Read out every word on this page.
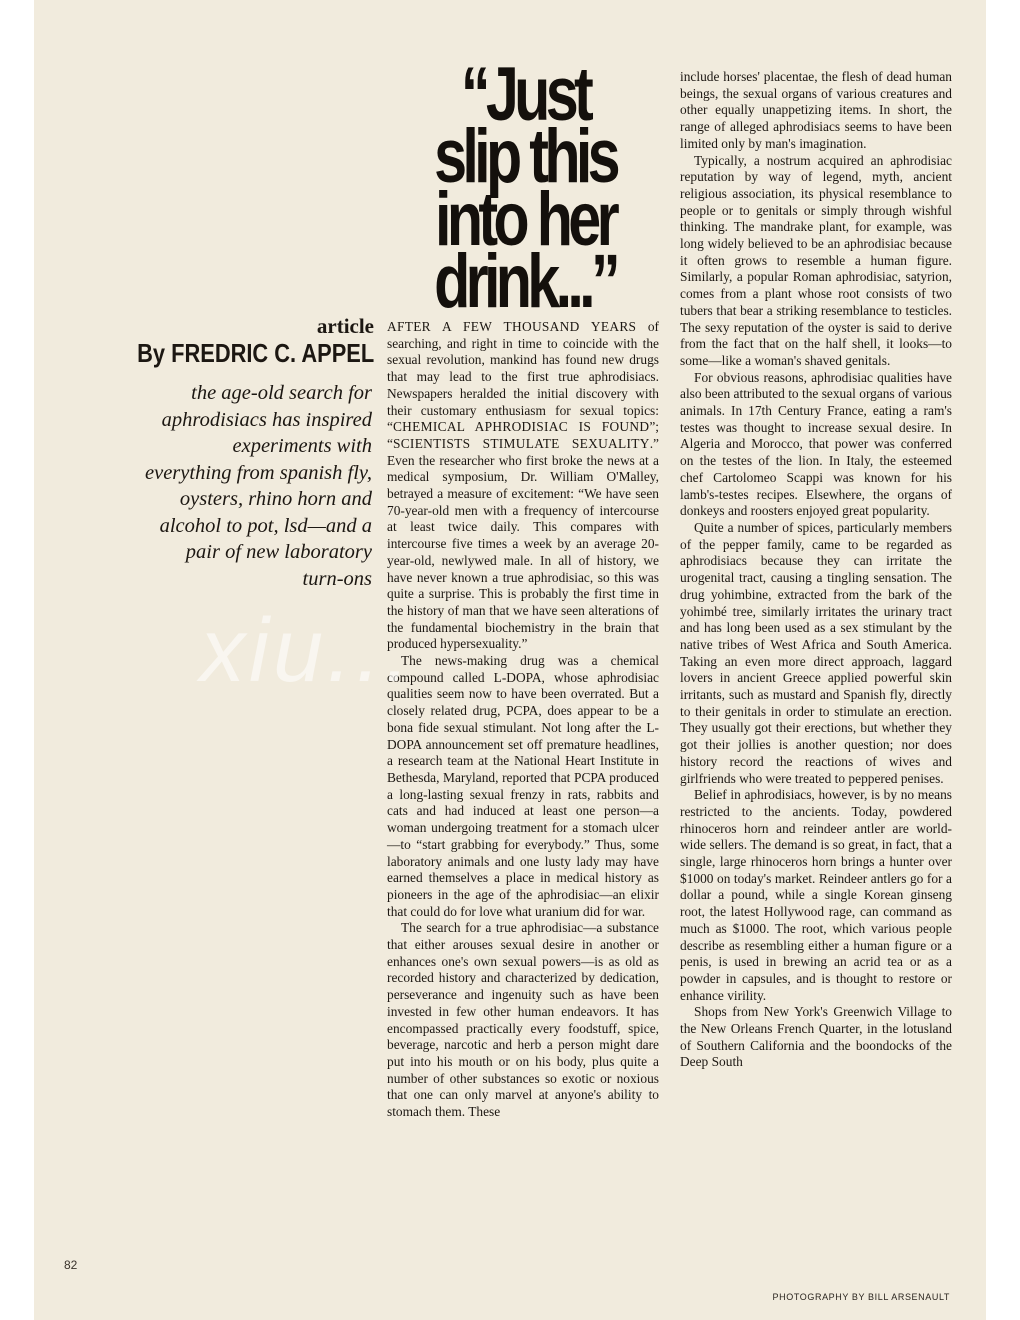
“Just slip this into her drink...”
article
By FREDRIC C. APPEL

the age-old search for aphrodisiacs has inspired experiments with everything from spanish fly, oysters, rhino horn and alcohol to pot, lsd—and a pair of new laboratory turn-ons

AFTER A FEW THOUSAND YEARS of searching, and right in time to coincide with the sexual revolution, mankind has found new drugs that may lead to the first true aphrodisiacs. Newspapers heralded the initial discovery with their customary enthusiasm for sexual topics: “CHEMICAL APHRODISIAC IS FOUND”; “SCIENTISTS STIMULATE SEXUALITY.” Even the researcher who first broke the news at a medical symposium, Dr. William O'Malley, betrayed a measure of excitement: “We have seen 70-year-old men with a frequency of intercourse at least twice daily. This compares with intercourse five times a week by an average 20-year-old, newlywed male. In all of history, we have never known a true aphrodisiac, so this was quite a surprise. This is probably the first time in the history of man that we have seen alterations of the fundamental biochemistry in the brain that produced hypersexuality.”

The news-making drug was a chemical compound called L-DOPA, whose aphrodisiac qualities seem now to have been overrated. But a closely related drug, PCPA, does appear to be a bona fide sexual stimulant. Not long after the L-DOPA announcement set off premature headlines, a research team at the National Heart Institute in Bethesda, Maryland, reported that PCPA produced a long-lasting sexual frenzy in rats, rabbits and cats and had induced at least one person—a woman undergoing treatment for a stomach ulcer—to “start grabbing for everybody.” Thus, some laboratory animals and one lusty lady may have earned themselves a place in medical history as pioneers in the age of the aphrodisiac—an elixir that could do for love what uranium did for war.

The search for a true aphrodisiac—a substance that either arouses sexual desire in another or enhances one's own sexual powers—is as old as recorded history and characterized by dedication, perseverance and ingenuity such as have been invested in few other human endeavors. It has encompassed practically every foodstuff, spice, beverage, narcotic and herb a person might dare put into his mouth or on his body, plus quite a number of other substances so exotic or noxious that one can only marvel at anyone's ability to stomach them. These

include horses' placentae, the flesh of dead human beings, the sexual organs of various creatures and other equally unappetizing items. In short, the range of alleged aphrodisiacs seems to have been limited only by man's imagination.

Typically, a nostrum acquired an aphrodisiac reputation by way of legend, myth, ancient religious association, its physical resemblance to people or to genitals or simply through wishful thinking. The mandrake plant, for example, was long widely believed to be an aphrodisiac because it often grows to resemble a human figure. Similarly, a popular Roman aphrodisiac, satyrion, comes from a plant whose root consists of two tubers that bear a striking resemblance to testicles. The sexy reputation of the oyster is said to derive from the fact that on the half shell, it looks—to some—like a woman's shaved genitals.

For obvious reasons, aphrodisiac qualities have also been attributed to the sexual organs of various animals. In 17th Century France, eating a ram's testes was thought to increase sexual desire. In Algeria and Morocco, that power was conferred on the testes of the lion. In Italy, the esteemed chef Cartolomeo Scappi was known for his lamb's-testes recipes. Elsewhere, the organs of donkeys and roosters enjoyed great popularity.

Quite a number of spices, particularly members of the pepper family, came to be regarded as aphrodisiacs because they can irritate the urogenital tract, causing a tingling sensation. The drug yohimbine, extracted from the bark of the yohimbé tree, similarly irritates the urinary tract and has long been used as a sex stimulant by the native tribes of West Africa and South America. Taking an even more direct approach, laggard lovers in ancient Greece applied powerful skin irritants, such as mustard and Spanish fly, directly to their genitals in order to stimulate an erection. They usually got their erections, but whether they got their jollies is another question; nor does history record the reactions of wives and girlfriends who were treated to peppered penises.

Belief in aphrodisiacs, however, is by no means restricted to the ancients. Today, powdered rhinoceros horn and reindeer antler are world-wide sellers. The demand is so great, in fact, that a single, large rhinoceros horn brings a hunter over $1000 on today's market. Reindeer antlers go for a dollar a pound, while a single Korean ginseng root, the latest Hollywood rage, can command as much as $1000. The root, which various people describe as resembling either a human figure or a penis, is used in brewing an acrid tea or as a powder in capsules, and is thought to restore or enhance virility.

Shops from New York's Greenwich Village to the New Orleans French Quarter, in the lotusland of Southern California and the boondocks of the Deep South

xiu...
82
PHOTOGRAPHY BY BILL ARSENAULT
